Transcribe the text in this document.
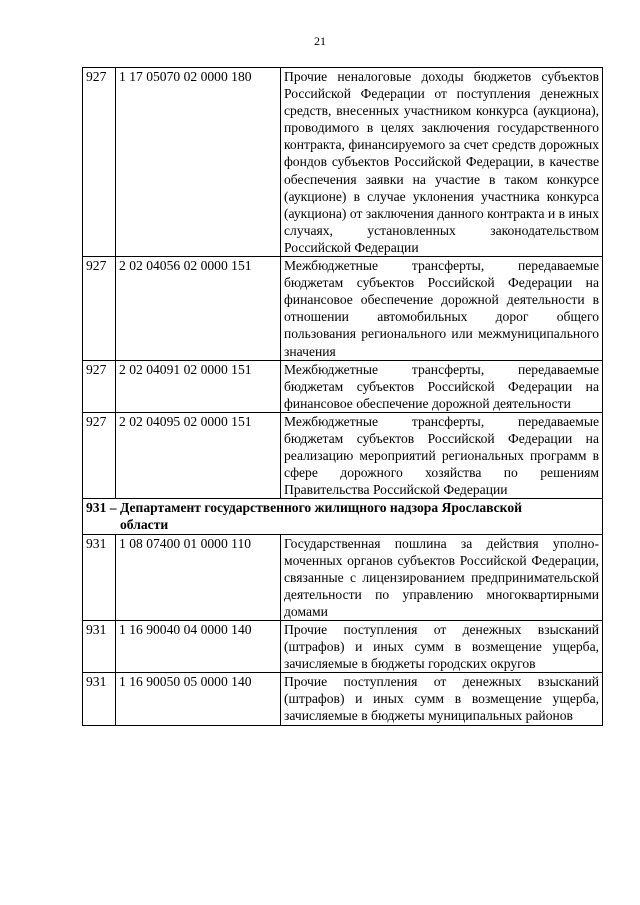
21
927	1 17 05070 02 0000 180	Прочие неналоговые доходы бюджетов субъектов Российской Федерации от поступления денежных средств, внесенных участником конкурса (аукциона), проводимого в целях заключения государственного контракта, финансируемого за счет средств дорожных фондов субъектов Российской Федерации, в качестве обеспечения заявки на участие в таком конкурсе (аукционе) в случае уклонения участника конкурса (аукциона) от заключения данного контракта и в иных случаях, установленных законодательством Российской Федерации
927	2 02 04056 02 0000 151	Межбюджетные трансферты, передаваемые бюджетам субъектов Российской Федерации на финансовое обеспечение дорожной деятельности в отношении автомобильных дорог общего пользования регионального или межмуниципального значения
927	2 02 04091 02 0000 151	Межбюджетные трансферты, передаваемые бюджетам субъектов Российской Федерации на финансовое обеспечение дорожной деятельности
927	2 02 04095 02 0000 151	Межбюджетные трансферты, передаваемые бюджетам субъектов Российской Федерации на реализацию мероприятий региональных программ в сфере дорожного хозяйства по решениям Правительства Российской Федерации
931 – Департамент государственного жилищного надзора Ярославской
области		

931	1 08 07400 01 0000 110	Государственная пошлина за действия уполномоченных органов субъектов Российской Федерации, связанные с лицензированием предпринимательской деятельности по управлению многоквартирными домами
931	1 16 90040 04 0000 140	Прочие поступления от денежных взысканий (штрафов) и иных сумм в возмещение ущерба, зачисляемые в бюджеты городских округов
931	1 16 90050 05 0000 140	Прочие поступления от денежных взысканий (штрафов) и иных сумм в возмещение ущерба, зачисляемые в бюджеты муниципальных районов
